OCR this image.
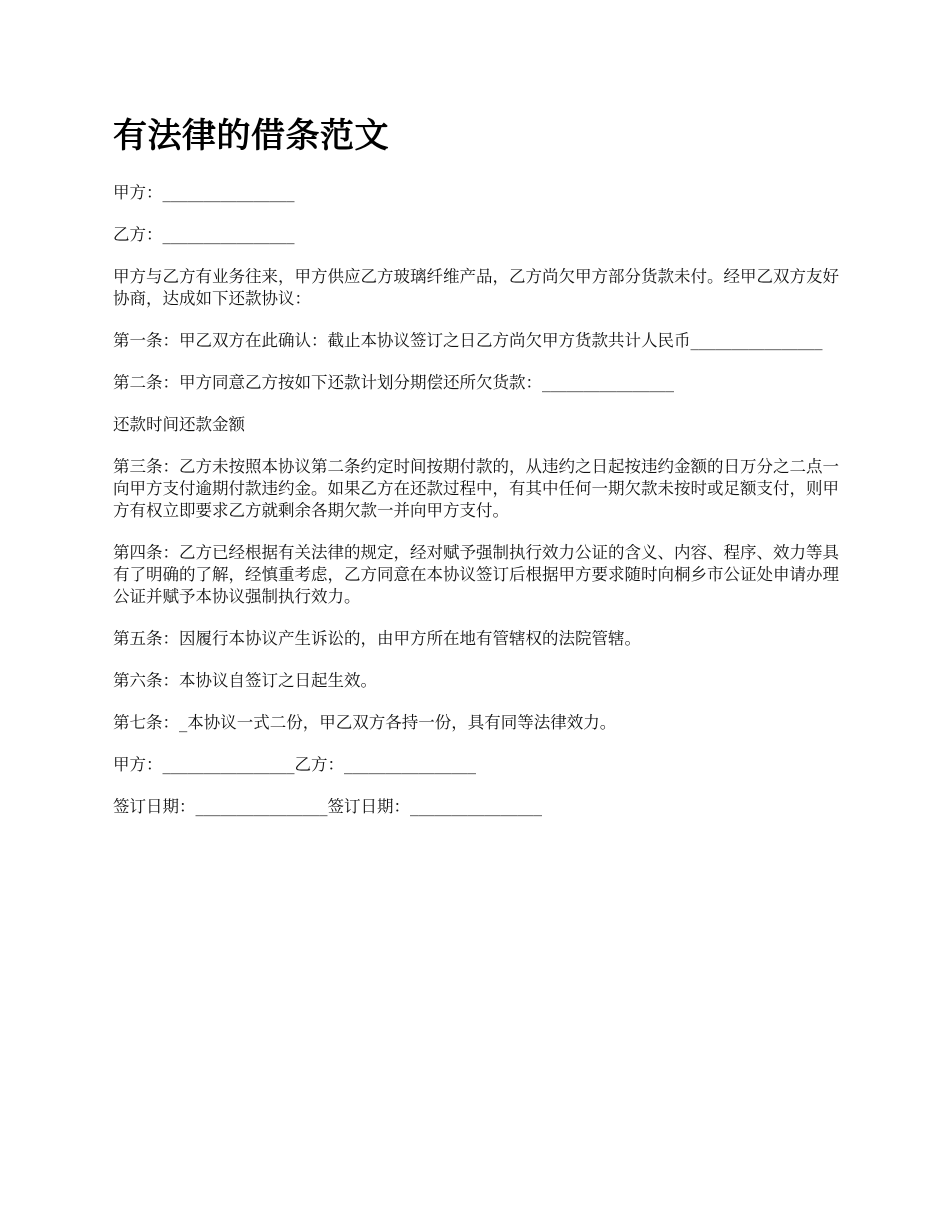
有法律的借条范文

甲方：________________

乙方：________________

甲方与乙方有业务往来，甲方供应乙方玻璃纤维产品，乙方尚欠甲方部分货款未付。经甲乙双方友好协商，达成如下还款协议：

第一条：甲乙双方在此确认：截止本协议签订之日乙方尚欠甲方货款共计人民币________________

第二条：甲方同意乙方按如下还款计划分期偿还所欠货款：________________

还款时间还款金额

第三条：乙方未按照本协议第二条约定时间按期付款的，从违约之日起按违约金额的日万分之二点一向甲方支付逾期付款违约金。如果乙方在还款过程中，有其中任何一期欠款未按时或足额支付，则甲方有权立即要求乙方就剩余各期欠款一并向甲方支付。

第四条：乙方已经根据有关法律的规定，经对赋予强制执行效力公证的含义、内容、程序、效力等具有了明确的了解，经慎重考虑，乙方同意在本协议签订后根据甲方要求随时向桐乡市公证处申请办理公证并赋予本协议强制执行效力。

第五条：因履行本协议产生诉讼的，由甲方所在地有管辖权的法院管辖。

第六条：本协议自签订之日起生效。

第七条：_本协议一式二份，甲乙双方各持一份，具有同等法律效力。

甲方：________________乙方：________________

签订日期：________________签订日期：________________
